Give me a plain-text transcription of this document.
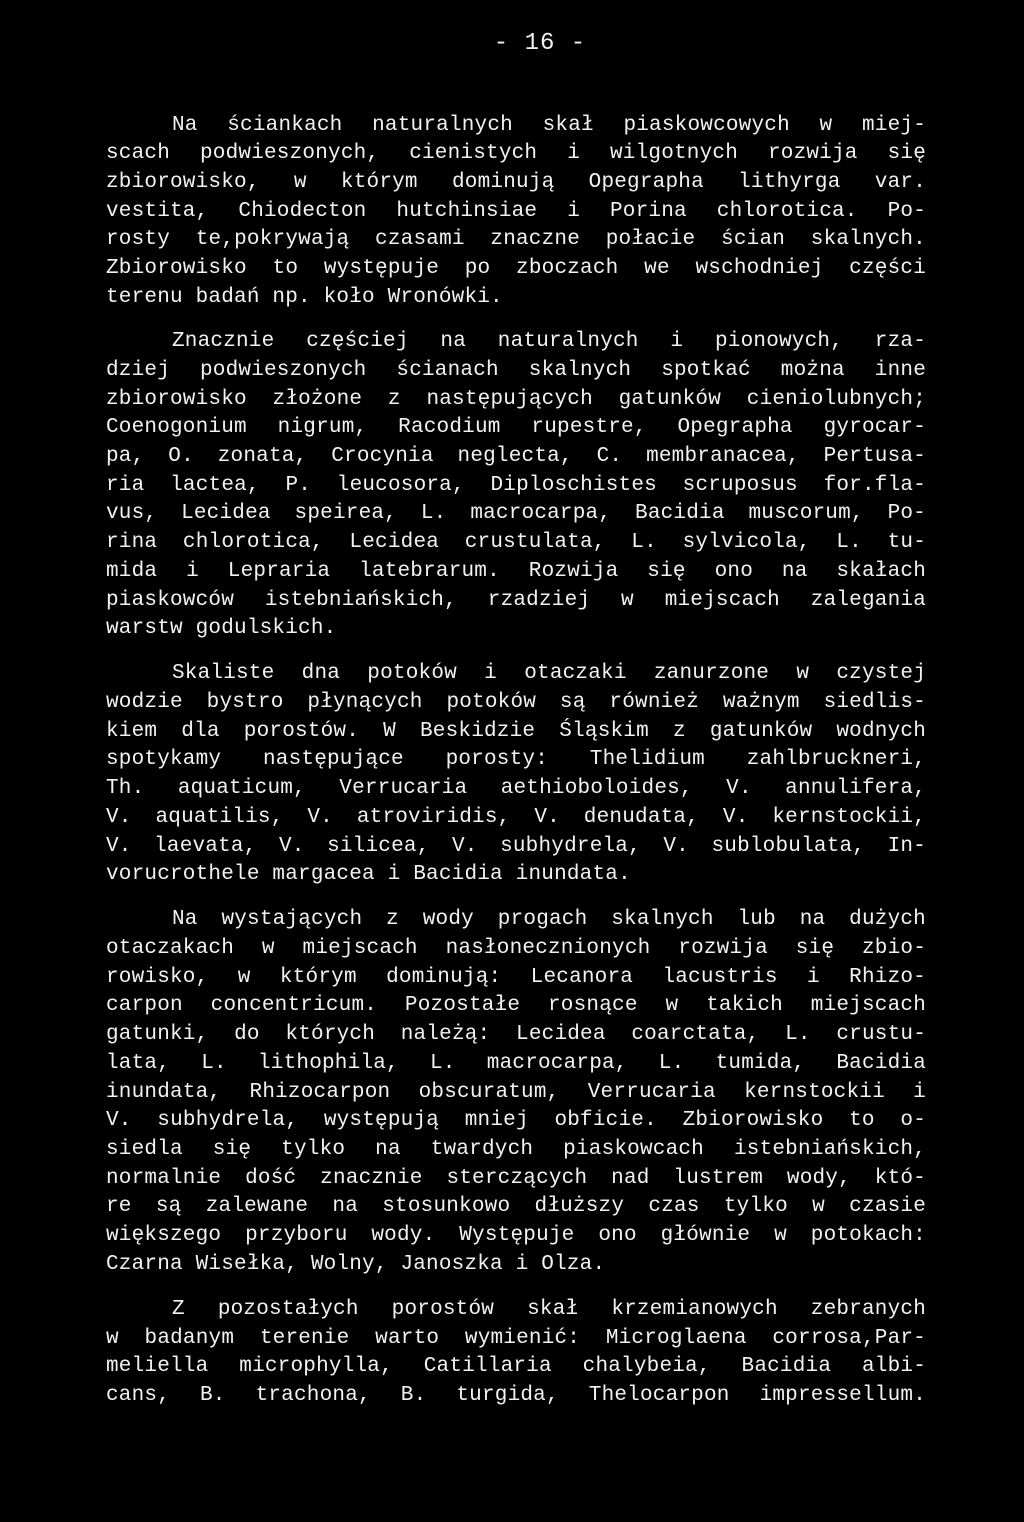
- 16 -
Na ściankach naturalnych skał piaskowcowych w miej-
scach podwieszonych, cienistych i wilgotnych rozwija się
zbiorowisko, w którym dominują Opegrapha lithyrga var.
vestita, Chiodecton hutchinsiae i Porina chlorotica. Po-
rosty te,pokrywają czasami znaczne połacie ścian skalnych.
Zbiorowisko to występuje po zboczach we wschodniej części
terenu badań np. koło Wronówki.
Znacznie częściej na naturalnych i pionowych, rza-
dziej podwieszonych ścianach skalnych spotkać można inne
zbiorowisko złożone z następujących gatunków cieniolubnych;
Coenogonium nigrum, Racodium rupestre, Opegrapha gyrocar-
pa, O. zonata, Crocynia neglecta, C. membranacea, Pertusa-
ria lactea, P. leucosora, Diploschistes scruposus for.fla-
vus, Lecidea speirea, L. macrocarpa, Bacidia muscorum, Po-
rina chlorotica, Lecidea crustulata, L. sylvicola, L. tu-
mida i Lepraria latebrarum. Rozwija się ono na skałach
piaskowców istebniańskich, rzadziej w miejscach zalegania
warstw godulskich.
Skaliste dna potoków i otaczaki zanurzone w czystej
wodzie bystro płynących potoków są również ważnym siedlis-
kiem dla porostów. W Beskidzie Śląskim z gatunków wodnych
spotykamy następujące porosty: Thelidium zahlbruckneri,
Th. aquaticum, Verrucaria aethioboloides, V. annulifera,
V. aquatilis, V. atroviridis, V. denudata, V. kernstockii,
V. laevata, V. silicea, V. subhydrela, V. sublobulata, In-
vorucrothele margacea i Bacidia inundata.
Na wystających z wody progach skalnych lub na dużych
otaczakach w miejscach nasłonecznionych rozwija się zbio-
rowisko, w którym dominują: Lecanora lacustris i Rhizo-
carpon concentricum. Pozostałe rosnące w takich miejscach
gatunki, do których należą: Lecidea coarctata, L. crustu-
lata, L. lithophila, L. macrocarpa, L. tumida, Bacidia
inundata, Rhizocarpon obscuratum, Verrucaria kernstockii i
V. subhydrela, występują mniej obficie. Zbiorowisko to o-
siedla się tylko na twardych piaskowcach istebniańskich,
normalnie dość znacznie sterczących nad lustrem wody, któ-
re są zalewane na stosunkowo dłuższy czas tylko w czasie
większego przyboru wody. Występuje ono głównie w potokach:
Czarna Wisełka, Wolny, Janoszka i Olza.
Z pozostałych porostów skał krzemianowych zebranych
w badanym terenie warto wymienić: Microglaena corrosa,Par-
meliella microphylla, Catillaria chalybeia, Bacidia albi-
cans, B. trachona, B. turgida, Thelocarpon impressellum.
